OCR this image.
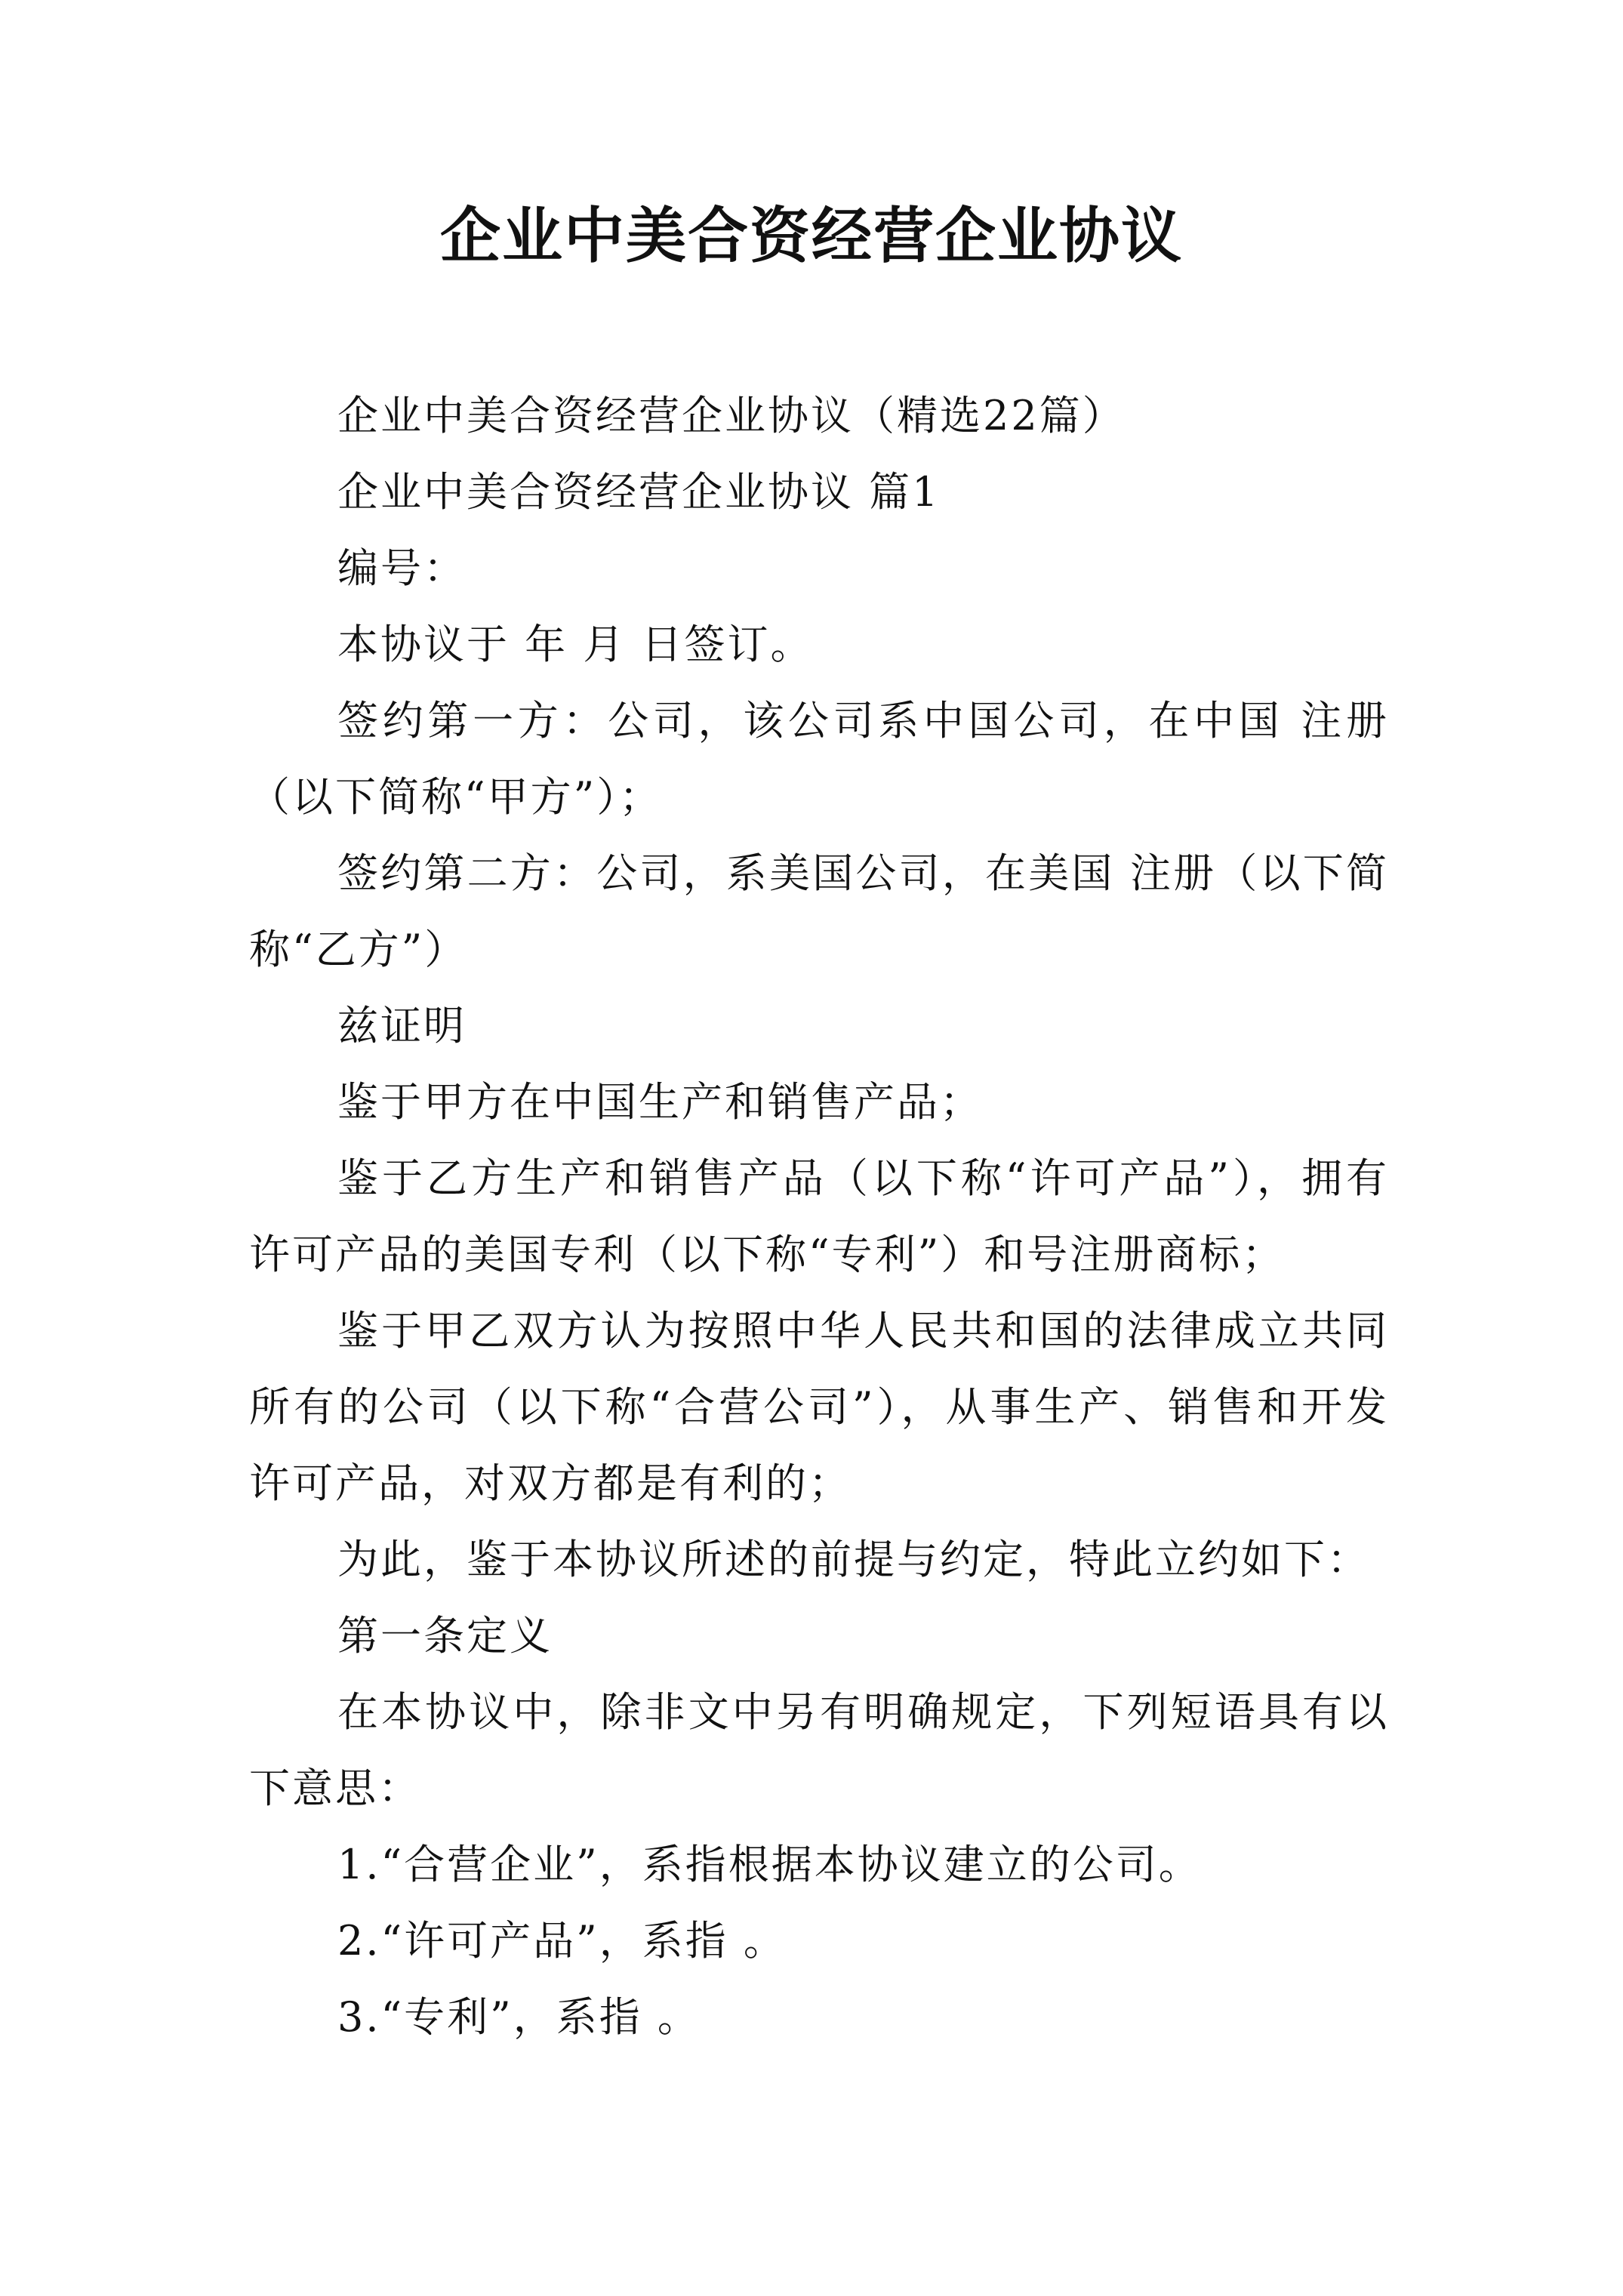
企业中美合资经营企业协议

企业中美合资经营企业协议（精选22篇）

企业中美合资经营企业协议 篇1

编号：

本协议于 年 月 日签订。

签约第一方：公司，该公司系中国公司，在中国 注册（以下简称“甲方”）；

签约第二方：公司，系美国公司，在美国 注册（以下简称“乙方”）

兹证明

鉴于甲方在中国生产和销售产品；

鉴于乙方生产和销售产品（以下称“许可产品”），拥有许可产品的美国专利（以下称“专利”）和号注册商标；

鉴于甲乙双方认为按照中华人民共和国的法律成立共同所有的公司（以下称“合营公司”），从事生产、销售和开发许可产品，对双方都是有利的；

为此，鉴于本协议所述的前提与约定，特此立约如下：

第一条定义

在本协议中，除非文中另有明确规定，下列短语具有以下意思：

1.“合营企业”，系指根据本协议建立的公司。

2.“许可产品”，系指 。

3.“专利”，系指 。
